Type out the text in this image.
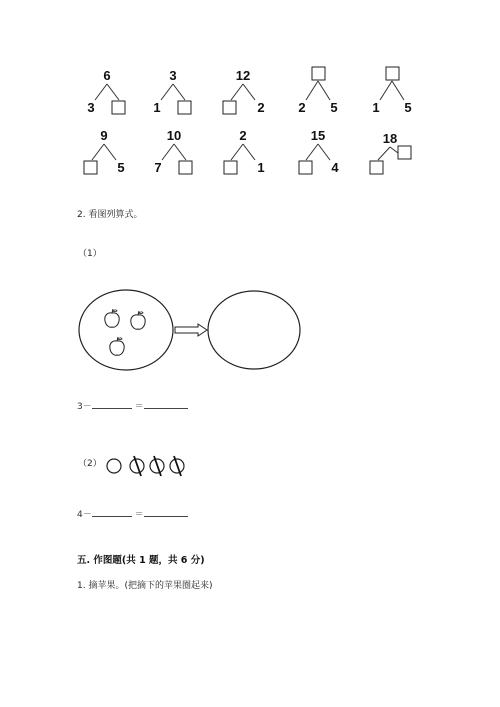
6
3
3
1
12
2	2 5	1 5
9
5
10
7
2
1
15
4
18
2. 看图列算式。
（1）
3－	＝
（2）
4－	＝
五. 作图题(共 1 题，共 6 分)
1. 摘苹果。(把摘下的苹果圈起来)
